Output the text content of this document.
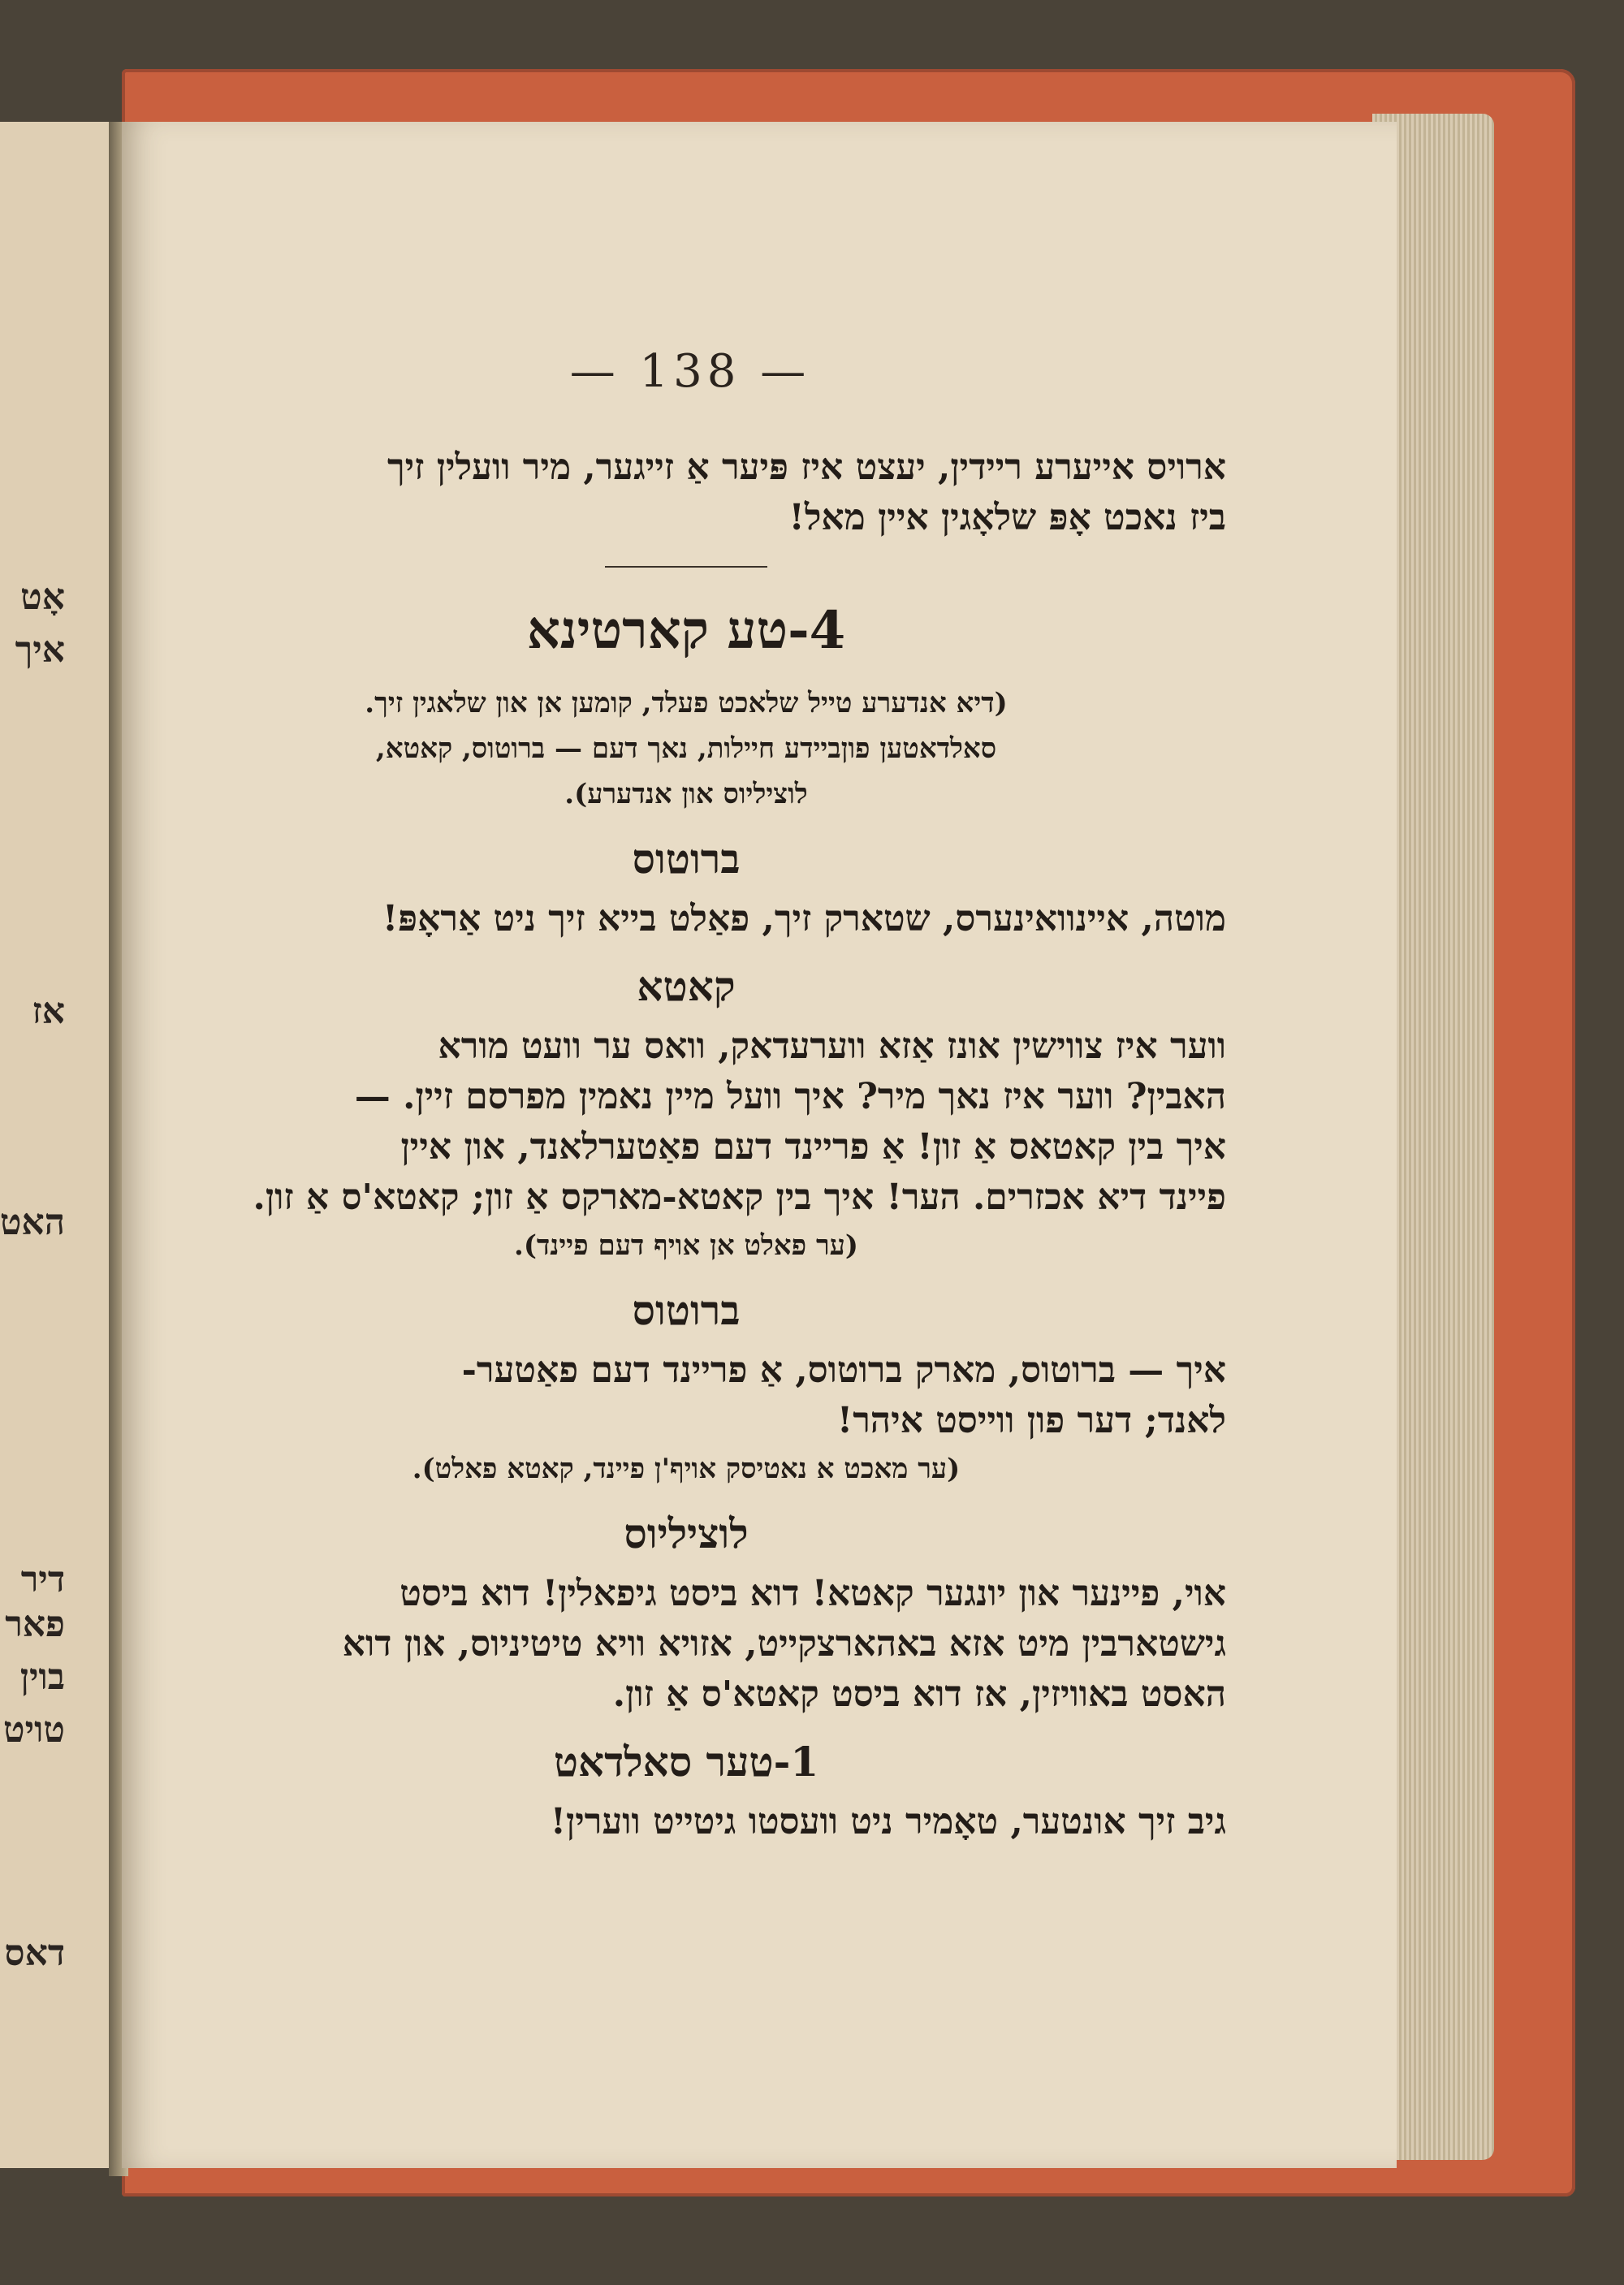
אָט
איך
אז
האט
דיר
פאר
בוין
טויט
דאס
— 138 —

ארויס אייערע ריידין, יעצט איז פּיער אַ זייגער, מיר וועלין זיך
ביז נאכט אָפּ שלאָגין איין מאל!

4-טע קארטינא

(דיא אנדערע טייל שלאכט פעלד, קומען אן און שלאגין זיך.
סאלדאטען פוןביידע חיילות, נאך דעם — ברוטוס, קאטא,
לוציליוס און אנדערע).

ברוטוס

מוטה, איינוואינערס, שטארק זיך, פאַלט בייא זיך ניט אַראָפּ!

קאטא

ווער איז צווישין אונז אַזא ווערעדאק, וואס ער וועט מורא
האבין? ווער איז נאך מיר? איך וועל מיין נאמין מפרסם זיין. —
איך בין קאטאס אַ זון! אַ פריינד דעם פאַטערלאנד, און איין
פיינד דיא אכזרים. הער! איך בין קאטא-מארקס אַ זון; קאטא'ס אַ זון.

(ער פאלט אן אויף דעם פיינד).

ברוטוס

איך — ברוטוס, מארק ברוטוס, אַ פריינד דעם פאַטער-
לאנד; דער פון ווייסט איהר!

(ער מאכט א נאטיסק אויף'ן פיינד, קאטא פאלט).

לוציליוס

אוי, פיינער און יונגער קאטא! דוא ביסט גיפאלין! דוא ביסט
גישטארבין מיט אזא באהארצקייט, אזויא וויא טיטיניוס, און דוא
האסט באוויזין, אז דוא ביסט קאטא'ס אַ זון.

1-טער סאלדאט

גיב זיך אונטער, טאָמיר ניט וועסטו גיטייט ווערין!
